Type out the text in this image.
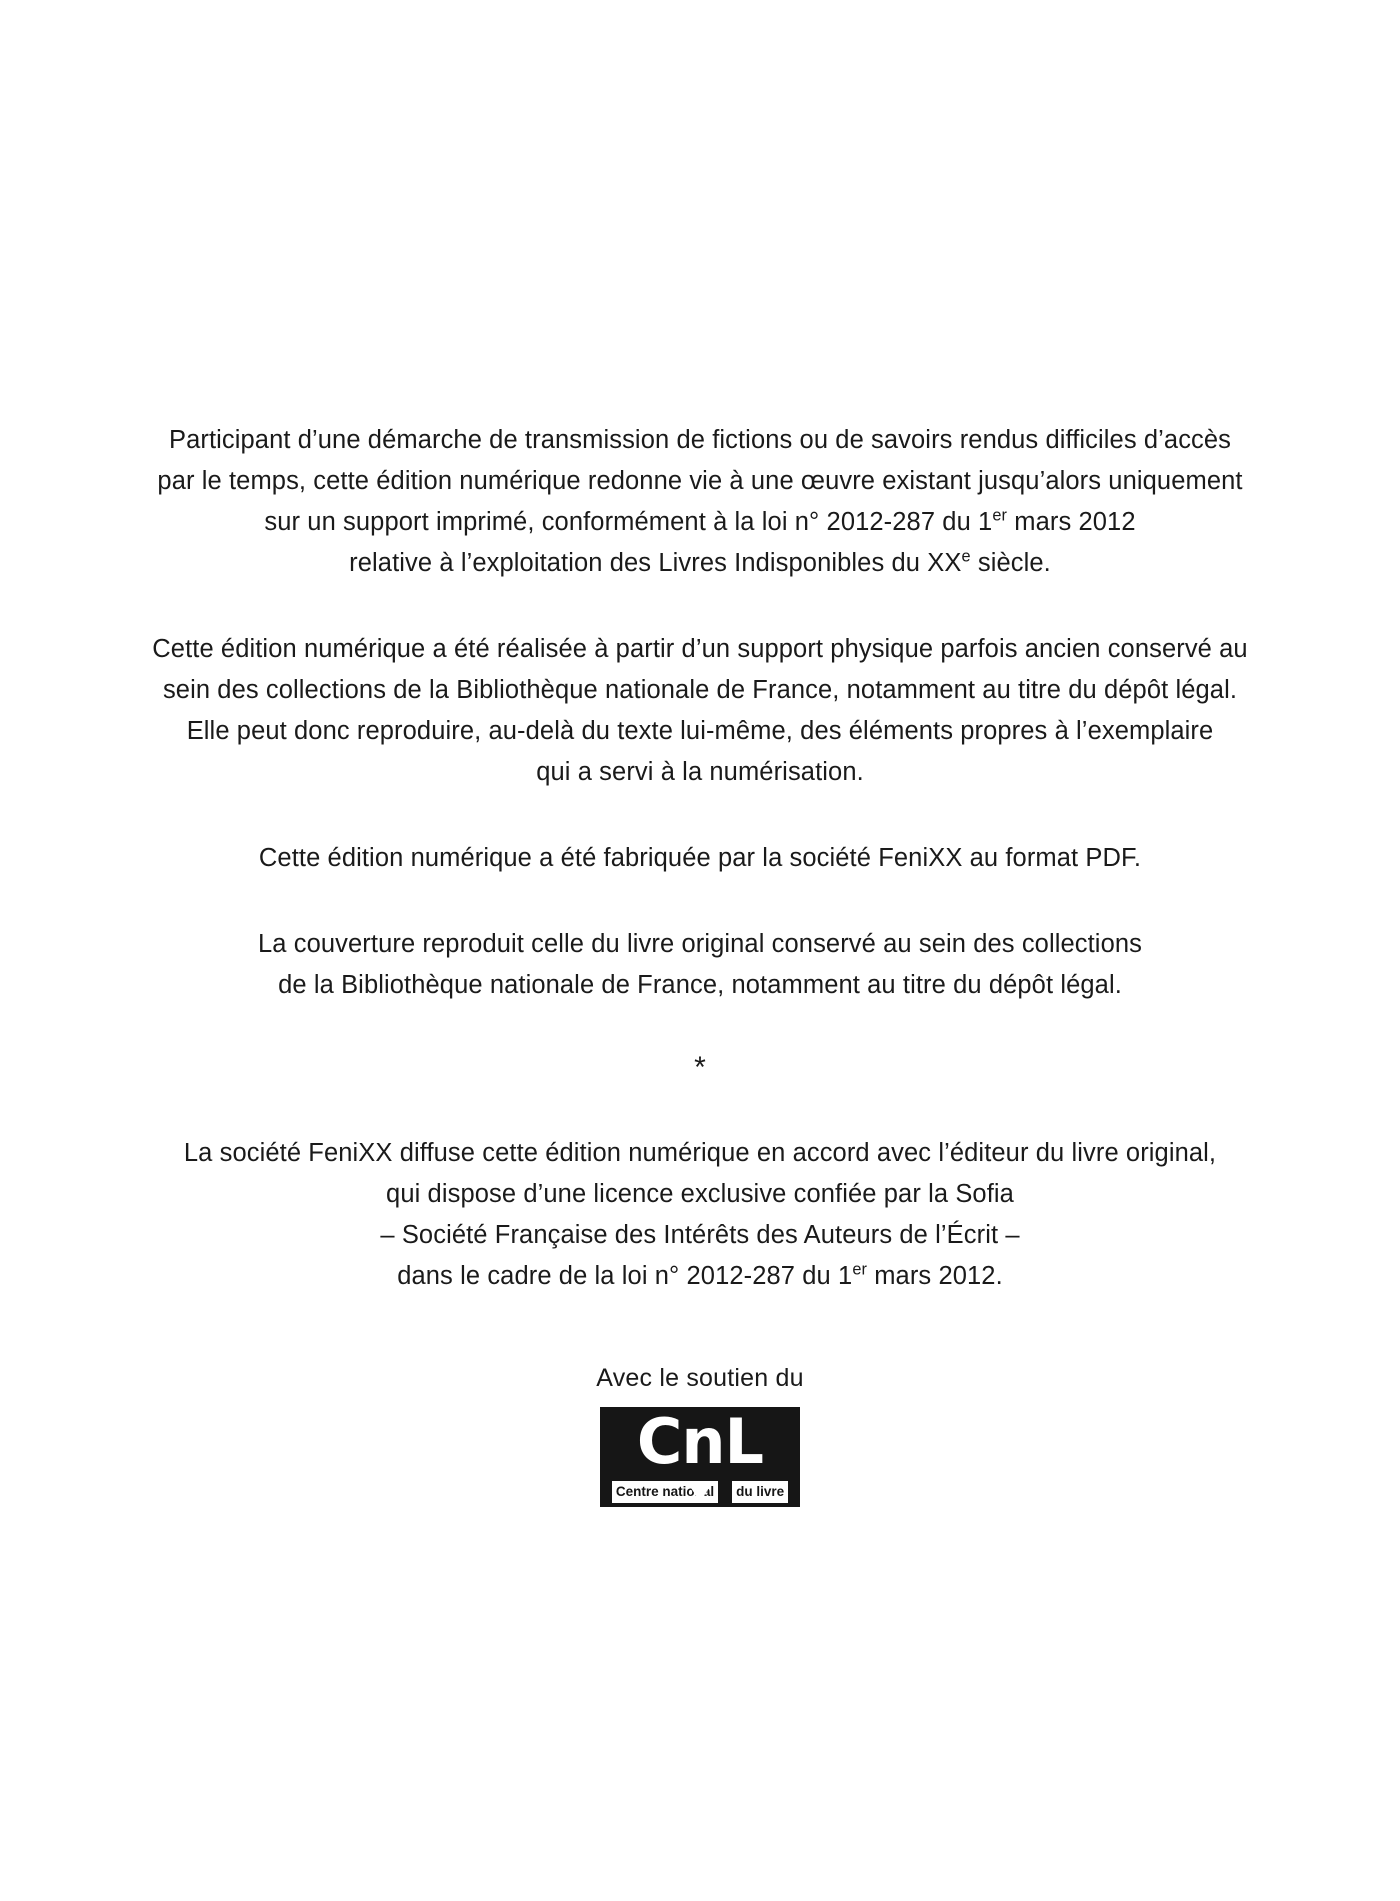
Participant d’une démarche de transmission de fictions ou de savoirs rendus difficiles d’accès
par le temps, cette édition numérique redonne vie à une œuvre existant jusqu’alors uniquement
sur un support imprimé, conformément à la loi n° 2012-287 du 1er mars 2012
relative à l’exploitation des Livres Indisponibles du XXe siècle.
Cette édition numérique a été réalisée à partir d’un support physique parfois ancien conservé au
sein des collections de la Bibliothèque nationale de France, notamment au titre du dépôt légal.
Elle peut donc reproduire, au-delà du texte lui-même, des éléments propres à l’exemplaire
qui a servi à la numérisation.
Cette édition numérique a été fabriquée par la société FeniXX au format PDF.
La couverture reproduit celle du livre original conservé au sein des collections
de la Bibliothèque nationale de France, notamment au titre du dépôt légal.
*
La société FeniXX diffuse cette édition numérique en accord avec l’éditeur du livre original,
qui dispose d’une licence exclusive confiée par la Sofia
– Société Française des Intérêts des Auteurs de l’Écrit –
dans le cadre de la loi n° 2012-287 du 1er mars 2012.
Avec le soutien du
CnL
Centre national du livre
